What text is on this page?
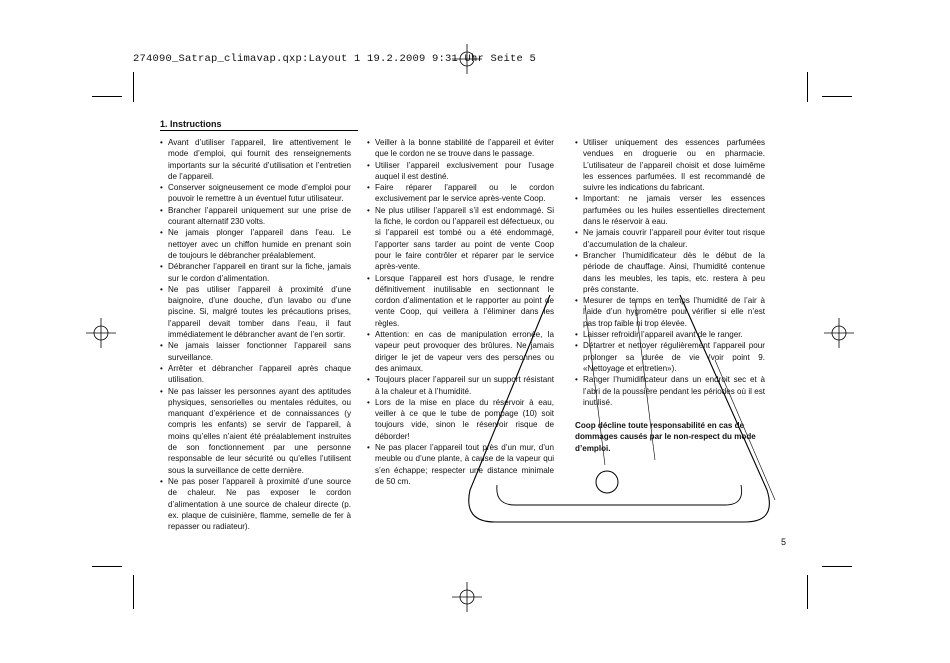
274090_Satrap_climavap.qxp:Layout 1 19.2.2009 9:31 Uhr Seite 5
1. Instructions
• Avant d’utiliser l’appareil, lire attentivement le mode d’emploi, qui fournit des renseignements importants sur la sécurité d’utilisation et l’entretien de l’appareil.
• Conserver soigneusement ce mode d’emploi pour pouvoir le remettre à un éventuel futur utilisateur.
• Brancher l’appareil uniquement sur une prise de courant alternatif 230 volts.
• Ne jamais plonger l’appareil dans l’eau. Le nettoyer avec un chiffon humide en prenant soin de toujours le débrancher préalablement.
• Débrancher l’appareil en tirant sur la fiche, jamais sur le cordon d’alimentation.
• Ne pas utiliser l’appareil à proximité d’une baignoire, d’une douche, d’un lavabo ou d’une piscine. Si, malgré toutes les précautions prises, l’appareil devait tomber dans l’eau, il faut immédiatement le débrancher avant de l’en sortir.
• Ne jamais laisser fonctionner l’appareil sans surveillance.
• Arrêter et débrancher l’appareil après chaque utilisation.
• Ne pas laisser les personnes ayant des aptitudes physiques, sensorielles ou mentales réduites, ou manquant d’expérience et de connaissances (y compris les enfants) se servir de l’appareil, à moins qu’elles n’aient été préalablement instruites de son fonctionnement par une personne responsable de leur sécurité ou qu’elles l’utilisent sous la surveillance de cette dernière.
• Ne pas poser l’appareil à proximité d’une source de chaleur. Ne pas exposer le cordon d’alimentation à une source de chaleur directe (p. ex. plaque de cuisinière, flamme, semelle de fer à repasser ou radiateur).
• Veiller à la bonne stabilité de l’appareil et éviter que le cordon ne se trouve dans le passage.
• Utiliser l’appareil exclusivement pour l’usage auquel il est destiné.
• Faire réparer l’appareil ou le cordon exclusivement par le service après-vente Coop.
• Ne plus utiliser l’appareil s’il est endommagé. Si la fiche, le cordon ou l’appareil est défectueux, ou si l’appareil est tombé ou a été endommagé, l’apporter sans tarder au point de vente Coop pour le faire contrôler et réparer par le service après-vente.
• Lorsque l’appareil est hors d’usage, le rendre définitivement inutilisable en sectionnant le cordon d’alimentation et le rapporter au point de vente Coop, qui veillera à l’éliminer dans les règles.
• Attention: en cas de manipulation erronée, la vapeur peut provoquer des brûlures. Ne jamais diriger le jet de vapeur vers des personnes ou des animaux.
• Toujours placer l’appareil sur un support résistant à la chaleur et à l’humidité.
• Lors de la mise en place du réservoir à eau, veiller à ce que le tube de pompage (10) soit toujours vide, sinon le réservoir risque de déborder!
• Ne pas placer l’appareil tout près d’un mur, d’un meuble ou d’une plante, à cause de la vapeur qui s’en échappe; respecter une distance minimale de 50 cm.
• Utiliser uniquement des essences parfumées vendues en droguerie ou en pharmacie. L’utilisateur de l’appareil choisit et dose luimême les essences parfumées. Il est recommandé de suivre les indications du fabricant.
• Important: ne jamais verser les essences parfumées ou les huiles essentielles directement dans le réservoir à eau.
• Ne jamais couvrir l’appareil pour éviter tout risque d’accumulation de la chaleur.
• Brancher l’humidificateur dès le début de la période de chauffage. Ainsi, l’humidité contenue dans les meubles, les tapis, etc. restera à peu près constante.
• Mesurer de temps en temps l’humidité de l’air à l’aide d’un hygromètre pour vérifier si elle n’est pas trop faible ni trop élevée.
• Laisser refroidir l’appareil avant de le ranger.
• Détartrer et nettoyer régulièrement l’appareil pour prolonger sa durée de vie (voir point 9. «Nettoyage et entretien»).
• Ranger l’humidificateur dans un endroit sec et à l’abri de la poussière pendant les périodes où il est inutilisé.
Coop décline toute responsabilité en cas de dommages causés par le non-respect du mode d’emploi.
5
